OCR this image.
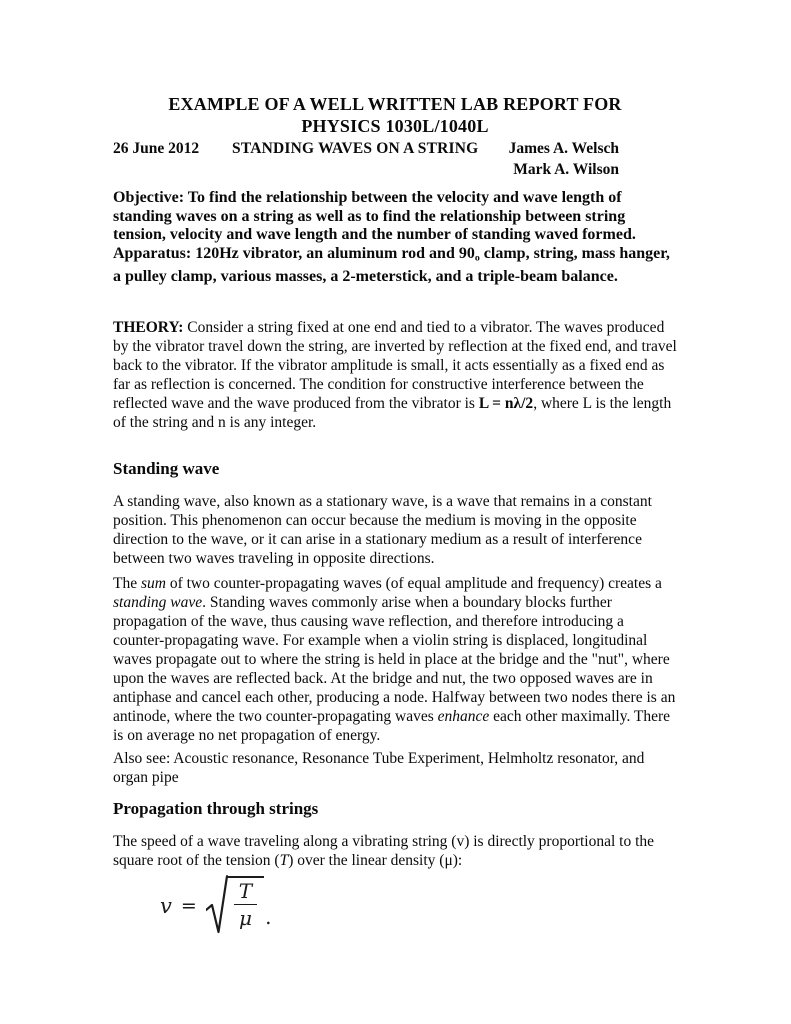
EXAMPLE OF A WELL WRITTEN LAB REPORT FOR
PHYSICS 1030L/1040L
26 June 2012	STANDING WAVES ON A STRING	James A. Welsch
Mark A. Wilson

Objective: To find the relationship between the velocity and wave length of standing waves on a string as well as to find the relationship between string tension, velocity and wave length and the number of standing waved formed.

Apparatus: 120Hz vibrator, an aluminum rod and $90_o$ clamp, string, mass hanger, a pulley clamp, various masses, a 2-meterstick, and a triple-beam balance.

THEORY: Consider a string fixed at one end and tied to a vibrator. The waves produced by the vibrator travel down the string, are inverted by reflection at the fixed end, and travel back to the vibrator. If the vibrator amplitude is small, it acts essentially as a fixed end as far as reflection is concerned. The condition for constructive interference between the reflected wave and the wave produced from the vibrator is L = nλ/2, where L is the length of the string and n is any integer.

Standing wave

A standing wave, also known as a stationary wave, is a wave that remains in a constant position. This phenomenon can occur because the medium is moving in the opposite direction to the wave, or it can arise in a stationary medium as a result of interference between two waves traveling in opposite directions.

The sum of two counter-propagating waves (of equal amplitude and frequency) creates a standing wave. Standing waves commonly arise when a boundary blocks further propagation of the wave, thus causing wave reflection, and therefore introducing a counter-propagating wave. For example when a violin string is displaced, longitudinal waves propagate out to where the string is held in place at the bridge and the "nut", where upon the waves are reflected back. At the bridge and nut, the two opposed waves are in antiphase and cancel each other, producing a node. Halfway between two nodes there is an antinode, where the two counter-propagating waves enhance each other maximally. There is on average no net propagation of energy.

Also see: Acoustic resonance, Resonance Tube Experiment, Helmholtz resonator, and organ pipe

Propagation through strings

The speed of a wave traveling along a vibrating string (v) is directly proportional to the square root of the tension (T) over the linear density (μ):

$v = \frac{T}{\mu}$ .
